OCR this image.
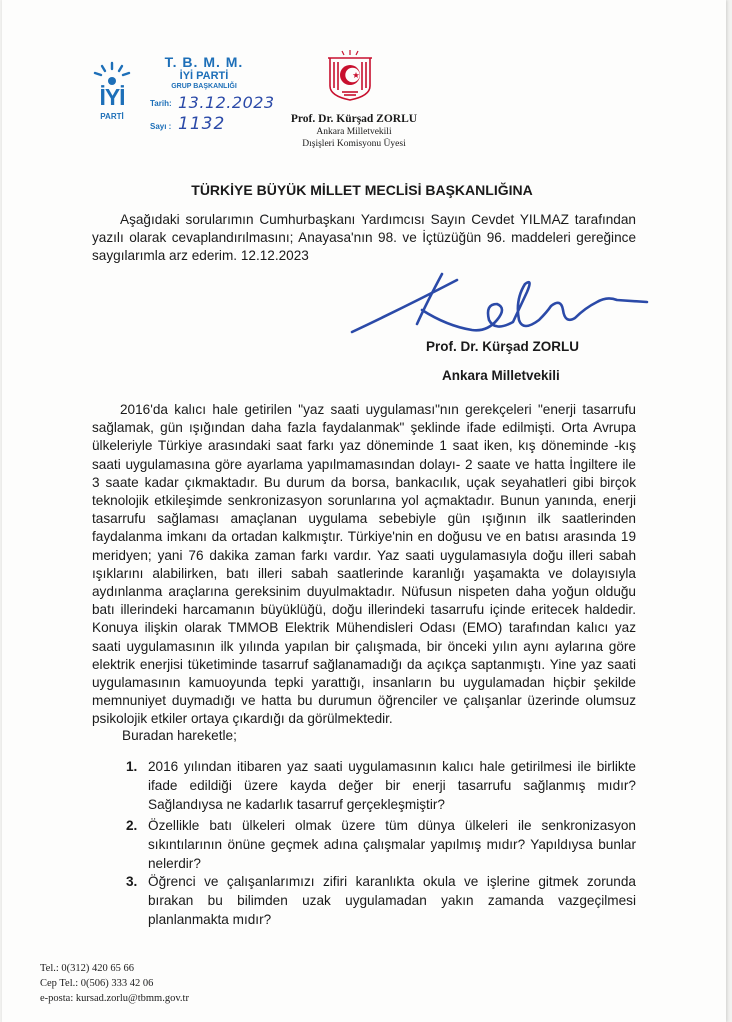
İYİ
PARTİ
T. B. M. M.
İYİ PARTİ
GRUP BAŞKANLIĞI
Tarih: 13.12.2023
Sayı : 1132	Prof. Dr. Kürşad ZORLU
Ankara Milletvekili
Dışişleri Komisyonu Üyesi
TÜRKİYE BÜYÜK MİLLET MECLİSİ BAŞKANLIĞINA

Aşağıdaki sorularımın Cumhurbaşkanı Yardımcısı Sayın Cevdet YILMAZ tarafından yazılı olarak cevaplandırılmasını; Anayasa'nın 98. ve İçtüzüğün 96. maddeleri gereğince saygılarımla arz ederim. 12.12.2023

Prof. Dr. Kürşad ZORLU
Ankara Milletvekili

2016'da kalıcı hale getirilen "yaz saati uygulaması"nın gerekçeleri "enerji tasarrufu sağlamak, gün ışığından daha fazla faydalanmak" şeklinde ifade edilmişti. Orta Avrupa ülkeleriyle Türkiye arasındaki saat farkı yaz döneminde 1 saat iken, kış döneminde -kış saati uygulamasına göre ayarlama yapılmamasından dolayı- 2 saate ve hatta İngiltere ile 3 saate kadar çıkmaktadır. Bu durum da borsa, bankacılık, uçak seyahatleri gibi birçok teknolojik etkileşimde senkronizasyon sorunlarına yol açmaktadır. Bunun yanında, enerji tasarrufu sağlaması amaçlanan uygulama sebebiyle gün ışığının ilk saatlerinden faydalanma imkanı da ortadan kalkmıştır. Türkiye'nin en doğusu ve en batısı arasında 19 meridyen; yani 76 dakika zaman farkı vardır. Yaz saati uygulamasıyla doğu illeri sabah ışıklarını alabilirken, batı illeri sabah saatlerinde karanlığı yaşamakta ve dolayısıyla aydınlanma araçlarına gereksinim duyulmaktadır. Nüfusun nispeten daha yoğun olduğu batı illerindeki harcamanın büyüklüğü, doğu illerindeki tasarrufu içinde eritecek haldedir. Konuya ilişkin olarak TMMOB Elektrik Mühendisleri Odası (EMO) tarafından kalıcı yaz saati uygulamasının ilk yılında yapılan bir çalışmada, bir önceki yılın aynı aylarına göre elektrik enerjisi tüketiminde tasarruf sağlanamadığı da açıkça saptanmıştı. Yine yaz saati uygulamasının kamuoyunda tepki yarattığı, insanların bu uygulamadan hiçbir şekilde memnuniyet duymadığı ve hatta bu durumun öğrenciler ve çalışanlar üzerinde olumsuz psikolojik etkiler ortaya çıkardığı da görülmektedir.

Buradan hareketle;
1. 2016 yılından itibaren yaz saati uygulamasının kalıcı hale getirilmesi ile birlikte ifade edildiği üzere kayda değer bir enerji tasarrufu sağlanmış mıdır? Sağlandıysa ne kadarlık tasarruf gerçekleşmiştir?
2. Özellikle batı ülkeleri olmak üzere tüm dünya ülkeleri ile senkronizasyon sıkıntılarının önüne geçmek adına çalışmalar yapılmış mıdır? Yapıldıysa bunlar nelerdir?
3. Öğrenci ve çalışanlarımızı zifiri karanlıkta okula ve işlerine gitmek zorunda bırakan bu bilimden uzak uygulamadan yakın zamanda vazgeçilmesi planlanmakta mıdır?
Tel.: 0(312) 420 65 66
Cep Tel.: 0(506) 333 42 06
e-posta: kursad.zorlu@tbmm.gov.tr
